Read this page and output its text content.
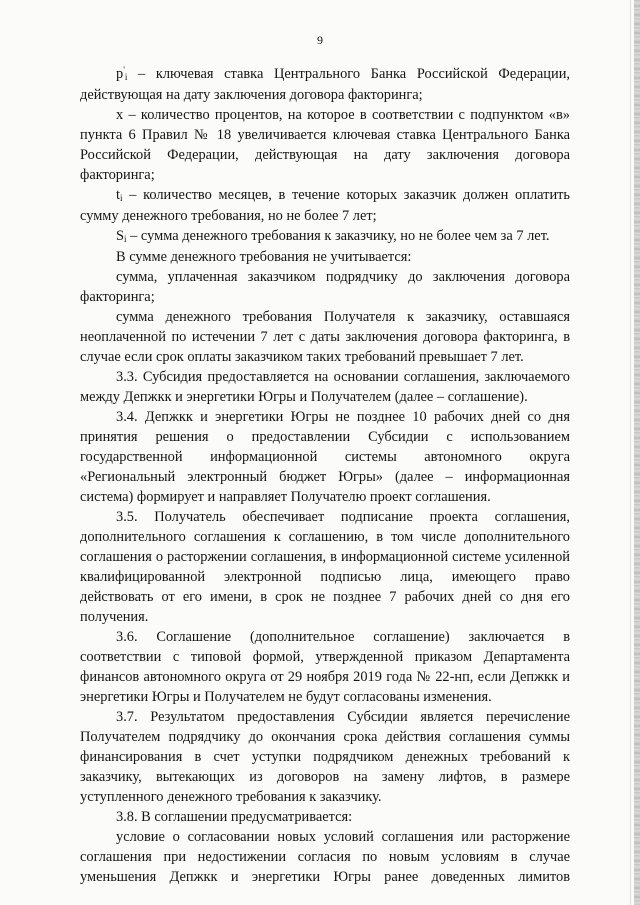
9

p'i – ключевая ставка Центрального Банка Российской Федерации, действующая на дату заключения договора факторинга;

x – количество процентов, на которое в соответствии с подпунктом «в» пункта 6 Правил № 18 увеличивается ключевая ставка Центрального Банка Российской Федерации, действующая на дату заключения договора факторинга;

ti – количество месяцев, в течение которых заказчик должен оплатить сумму денежного требования, но не более 7 лет;

Si – сумма денежного требования к заказчику, но не более чем за 7 лет.

В сумме денежного требования не учитывается:

сумма, уплаченная заказчиком подрядчику до заключения договора факторинга;

сумма денежного требования Получателя к заказчику, оставшаяся неоплаченной по истечении 7 лет с даты заключения договора факторинга, в случае если срок оплаты заказчиком таких требований превышает 7 лет.

3.3. Субсидия предоставляется на основании соглашения, заключаемого между Депжкк и энергетики Югры и Получателем (далее – соглашение).

3.4. Депжкк и энергетики Югры не позднее 10 рабочих дней со дня принятия решения о предоставлении Субсидии с использованием государственной информационной системы автономного округа «Региональный электронный бюджет Югры» (далее – информационная система) формирует и направляет Получателю проект соглашения.

3.5. Получатель обеспечивает подписание проекта соглашения, дополнительного соглашения к соглашению, в том числе дополнительного соглашения о расторжении соглашения, в информационной системе усиленной квалифицированной электронной подписью лица, имеющего право действовать от его имени, в срок не позднее 7 рабочих дней со дня его получения.

3.6. Соглашение (дополнительное соглашение) заключается в соответствии с типовой формой, утвержденной приказом Департамента финансов автономного округа от 29 ноября 2019 года № 22-нп, если Депжкк и энергетики Югры и Получателем не будут согласованы изменения.

3.7. Результатом предоставления Субсидии является перечисление Получателем подрядчику до окончания срока действия соглашения суммы финансирования в счет уступки подрядчиком денежных требований к заказчику, вытекающих из договоров на замену лифтов, в размере уступленного денежного требования к заказчику.

3.8. В соглашении предусматривается:

условие о согласовании новых условий соглашения или расторжение соглашения при недостижении согласия по новым условиям в случае уменьшения Депжкк и энергетики Югры ранее доведенных лимитов
